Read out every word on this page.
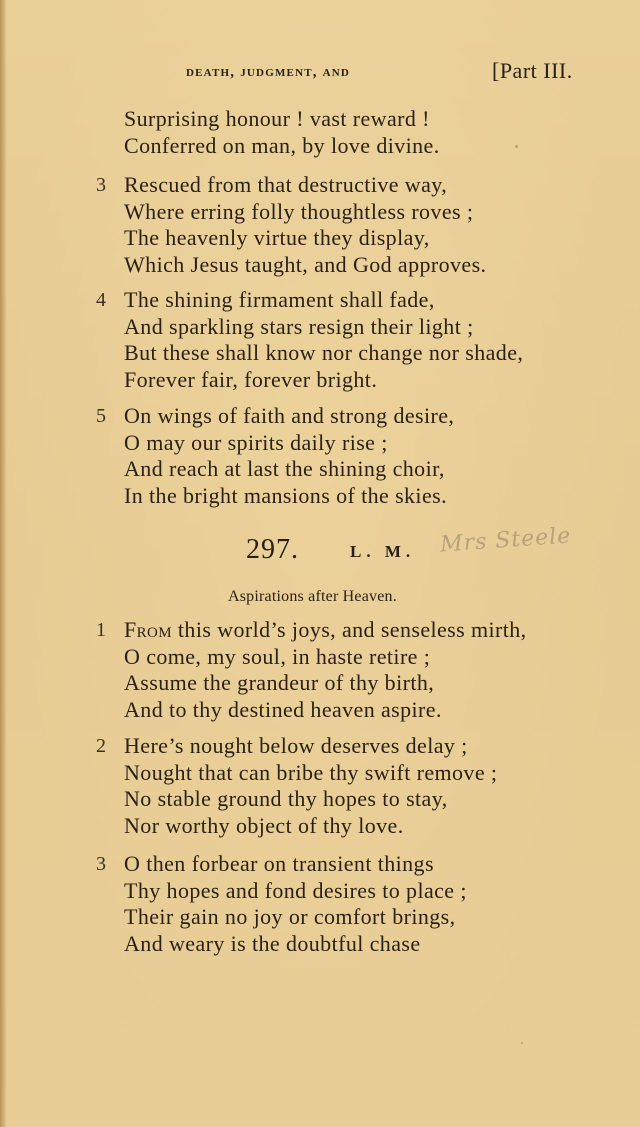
death, judgment, and	[Part III.
Surprising honour ! vast reward !
Conferred on man, by love divine.
3 Rescued from that destructive way,
Where erring folly thoughtless roves ;
The heavenly virtue they display,
Which Jesus taught, and God approves.
4 The shining firmament shall fade,
And sparkling stars resign their light ;
But these shall know nor change nor shade,
Forever fair, forever bright.
5 On wings of faith and strong desire,
O may our spirits daily rise ;
And reach at last the shining choir,
In the bright mansions of the skies.
297.	L. M. Mrs Steele
Aspirations after Heaven.
1 From this world’s joys, and senseless mirth,
O come, my soul, in haste retire ;
Assume the grandeur of thy birth,
And to thy destined heaven aspire.
2 Here’s nought below deserves delay ;
Nought that can bribe thy swift remove ;
No stable ground thy hopes to stay,
Nor worthy object of thy love.
3 O then forbear on transient things
Thy hopes and fond desires to place ;
Their gain no joy or comfort brings,
And weary is the doubtful chase
